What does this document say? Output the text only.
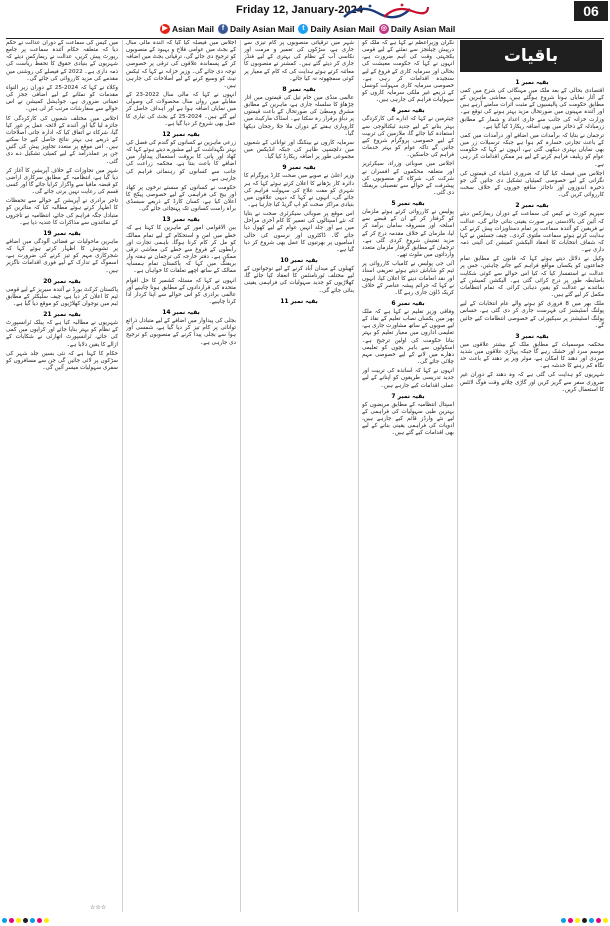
Friday 12, January-2024	06
▶ Asian Mail	f Daily Asian Mail	t Daily Asian Mail ◎ Daily Asian Mail

میں کیس کی سماعت کے دوران عدالت نے حکم دیا کہ متعلقہ حکام آئندہ سماعت پر جامع رپورٹ پیش کریں، عدالت نے ریمارکس دیئے کہ شہریوں کے بنیادی حقوق کا تحفظ ریاست کی ذمہ داری ہے۔ 2022 کے فیصلے کی روشنی میں مقدمے کی مزید کارروائی کی جائے گی۔

وکلاء نے کہا کہ 2024-25 کے دوران زیر التواء مقدمات کو نمٹانے کے لیے اضافی ججز کی تعیناتی ضروری ہے، جوڈیشل کمیشن نے اس حوالے سے سفارشات مرتب کر لی ہیں۔

اجلاس میں مختلف شعبوں کی کارکردگی کا جائزہ لیا گیا اور آئندہ کے لائحہ عمل پر غور کیا گیا، شرکاء نے اتفاق کیا کہ ادارہ جاتی اصلاحات کے ذریعے ہی بہتر نتائج حاصل کیے جا سکتے ہیں۔ اس موقع پر متعدد تجاویز پیش کی گئیں جن پر عملدرآمد کے لیے کمیٹی تشکیل دے دی گئی۔

شہر میں تجاوزات کے خلاف آپریشن کا آغاز کر دیا گیا ہے، انتظامیہ کے مطابق سرکاری اراضی کو قبضہ مافیا سے واگزار کرایا جائے گا اور کسی قسم کی رعایت نہیں برتی جائے گی۔

تاجر برادری نے آپریشن کے حوالے سے تحفظات کا اظہار کرتے ہوئے مطالبہ کیا کہ متاثرین کو متبادل جگہ فراہم کی جائے، انتظامیہ نے تاجروں کے نمائندوں سے مذاکرات کا عندیہ دیا ہے۔

بقیہ نمبر 19

ماہرین ماحولیات نے فضائی آلودگی میں اضافے پر تشویش کا اظہار کرتے ہوئے کہا کہ شجرکاری مہم کو تیز کرنے کی ضرورت ہے، اسموگ کے تدارک کے لیے فوری اقدامات ناگزیر ہیں۔

بقیہ نمبر 20

پاکستان کرکٹ بورڈ نے آئندہ سیریز کے لیے قومی ٹیم کا اعلان کر دیا ہے، چیف سلیکٹر کے مطابق ٹیم میں نوجوان کھلاڑیوں کو موقع دیا گیا ہے۔

بقیہ نمبر 21

شہریوں نے مطالبہ کیا ہے کہ پبلک ٹرانسپورٹ کے نظام کو بہتر بنایا جائے اور کرایوں میں کمی کی جائے، ٹرانسپورٹ اتھارٹی نے شکایات کے ازالے کا یقین دلایا ہے۔

حکام کا کہنا ہے کہ نئی بسیں جلد شہر کی سڑکوں پر لائی جائیں گی جن سے مسافروں کو سفری سہولیات میسر آئیں گی۔

اجلاس میں فیصلہ کیا گیا کہ آئندہ مالی سال کے بجٹ میں عوامی فلاح و بہبود کے منصوبوں کو ترجیح دی جائے گی، ترقیاتی بجٹ میں اضافہ کر کے پسماندہ علاقوں کی ترقی پر خصوصی توجہ دی جائے گی۔ وزیر خزانہ نے کہا کہ ٹیکس نیٹ کو وسیع کرنے کے لیے اصلاحات کی جارہی ہیں۔

انہوں نے کہا کہ مالی سال 2022-23 کے مقابلے میں رواں سال محصولات کی وصولی میں نمایاں اضافہ ہوا ہے اور اہداف حاصل کر لیے گئے ہیں۔ 2024-25 کے بجٹ کی تیاری کا عمل بھی شروع کر دیا گیا ہے۔

بقیہ نمبر 12

زرعی ماہرین نے کسانوں کو گندم کی فصل کی بہتر نگہداشت کے لیے مشورے دیتے ہوئے کہا کہ کھاد اور پانی کا بروقت استعمال پیداوار میں اضافے کا باعث بنتا ہے، محکمہ زراعت کی جانب سے کسانوں کو رہنمائی فراہم کی جارہی ہے۔

حکومت نے کسانوں کو سستے نرخوں پر کھاد اور بیج کی فراہمی کے لیے خصوصی پیکج کا اعلان کیا ہے، کسان کارڈ کے ذریعے سبسڈی براہ راست کسانوں تک پہنچائی جائے گی۔

بقیہ نمبر 13

بین الاقوامی امور کے ماہرین کا کہنا ہے کہ خطے میں امن و استحکام کے لیے تمام ممالک کو مل کر کام کرنا ہوگا، باہمی تجارت اور رابطوں کے فروغ سے خطے کی معاشی ترقی ممکن ہے۔ دفتر خارجہ کی ترجمان نے ہفتہ وار بریفنگ میں کہا کہ پاکستان تمام ہمسایہ ممالک کے ساتھ اچھے تعلقات کا خواہاں ہے۔

انہوں نے کہا کہ مسئلہ کشمیر کا حل اقوام متحدہ کی قراردادوں کے مطابق ہونا چاہیے اور عالمی برادری کو اس حوالے سے اپنا کردار ادا کرنا چاہیے۔

بقیہ نمبر 14

بجلی کی پیداوار میں اضافے کے لیے متبادل ذرائع توانائی پر کام تیز کر دیا گیا ہے، شمسی اور ہوا سے بجلی پیدا کرنے کے منصوبوں کو ترجیح دی جارہی ہے۔

شہر میں ترقیاتی منصوبوں پر کام تیزی سے جاری ہے، سڑکوں کی تعمیر و مرمت اور نکاسی آب کے نظام کی بہتری کے لیے فنڈز جاری کر دیئے گئے ہیں۔ کمشنر نے منصوبوں کا معائنہ کرتے ہوئے ہدایت کی کہ کام کے معیار پر کوئی سمجھوتہ نہ کیا جائے۔

بقیہ نمبر 8

عالمی منڈی میں خام تیل کی قیمتوں میں اتار چڑھاؤ کا سلسلہ جاری ہے، ماہرین کے مطابق مشرق وسطیٰ کی صورتحال کے باعث قیمتوں پر دباؤ برقرار رہ سکتا ہے۔ اسٹاک مارکیٹ میں کاروباری ہفتے کے دوران ملا جلا رجحان دیکھا گیا۔

سرمایہ کاروں نے بینکنگ اور توانائی کے شعبوں میں دلچسپی ظاہر کی جبکہ انڈیکس میں مجموعی طور پر اضافہ ریکارڈ کیا گیا۔

بقیہ نمبر 9

وزیر اعلیٰ نے صوبے میں صحت کارڈ پروگرام کا دائرہ کار بڑھانے کا اعلان کرتے ہوئے کہا کہ ہر شہری کو مفت علاج کی سہولت فراہم کی جائے گی، انہوں نے کہا کہ دیہی علاقوں میں بنیادی مراکز صحت کو اپ گریڈ کیا جارہا ہے۔

اس موقع پر صوبائی سیکرٹری صحت نے بتایا کہ نئے اسپتالوں کی تعمیر کا کام آخری مراحل میں ہے اور جلد انہیں عوام کے لیے کھول دیا جائے گا۔ ڈاکٹروں اور نرسوں کی خالی اسامیوں پر بھرتیوں کا عمل بھی شروع کر دیا گیا ہے۔

بقیہ نمبر 10

کھیلوں کے میدان آباد کرنے کے لیے نوجوانوں کے لیے مختلف ٹورنامنٹس کا انعقاد کیا جائے گا، کھلاڑیوں کو جدید سہولیات کی فراہمی یقینی بنائی جائے گی۔

بقیہ نمبر 11

نگران وزیراعظم نے کہا ہے کہ ملک کو درپیش چیلنجز سے نمٹنے کے لیے قومی یکجہتی وقت کی اہم ضرورت ہے، انہوں نے کہا کہ حکومت معیشت کی بحالی اور سرمایہ کاری کے فروغ کے لیے سنجیدہ اقدامات کر رہی ہے۔ خصوصی سرمایہ کاری سہولت کونسل کے ذریعے غیر ملکی سرمایہ کاروں کو سہولیات فراہم کی جارہی ہیں۔

بقیہ نمبر 4

چیئرمین نے کہا کہ ادارے کی کارکردگی بہتر بنانے کے لیے جدید ٹیکنالوجی سے استفادہ کیا جائے گا، ملازمین کی تربیت کے لیے خصوصی پروگرام شروع کیے جائیں گے تاکہ عوام کو بہتر خدمات فراہم کی جاسکیں۔

اجلاس میں صوبائی وزراء، سیکرٹریز اور متعلقہ محکموں کے افسران نے شرکت کی، شرکاء کو منصوبوں کی پیشرفت کے حوالے سے تفصیلی بریفنگ دی گئی۔

بقیہ نمبر 5

پولیس نے کارروائی کرتے ہوئے ملزمان کو گرفتار کر کے ان کے قبضے سے اسلحہ اور مسروقہ سامان برآمد کر لیا، ملزمان کے خلاف مقدمہ درج کر کے مزید تفتیش شروع کردی گئی ہے۔ ترجمان کے مطابق گرفتار ملزمان متعدد وارداتوں میں ملوث تھے۔

آئی جی پولیس نے کامیاب کارروائی پر ٹیم کو شاباش دیتے ہوئے تعریفی اسناد اور نقد انعامات دینے کا اعلان کیا، انہوں نے کہا کہ جرائم پیشہ عناصر کے خلاف کریک ڈاؤن جاری رہے گا۔

بقیہ نمبر 6

وفاقی وزیر تعلیم نے کہا ہے کہ ملک بھر میں یکساں نصاب تعلیم کے نفاذ کے لیے صوبوں کے ساتھ مشاورت جاری ہے، تعلیمی اداروں میں معیار تعلیم کو بہتر بنانا حکومت کی اولین ترجیح ہے۔ اسکولوں سے باہر بچوں کو تعلیمی دھارے میں لانے کے لیے خصوصی مہم چلائی جائے گی۔

انہوں نے کہا کہ اساتذہ کی تربیت اور جدید تدریسی طریقوں کو اپنانے کے لیے عملی اقدامات کیے جارہے ہیں۔

بقیہ نمبر 7

اسپتال انتظامیہ کے مطابق مریضوں کو بہترین طبی سہولیات کی فراہمی کے لیے نئے وارڈز قائم کیے جارہے ہیں، ادویات کی فراہمی یقینی بنانے کے لیے بھی اقدامات کیے گئے ہیں۔

باقیات
بقیہ نمبر 1

اقتصادی بحالی کے بعد ملک میں مہنگائی کی شرح میں کمی کے آثار نمایاں ہونا شروع ہوگئے ہیں، معاشی ماہرین کے مطابق حکومت کی پالیسیوں کے مثبت اثرات سامنے آرہے ہیں اور آئندہ مہینوں میں صورتحال مزید بہتر ہونے کی توقع ہے۔ وزارت خزانہ کی جانب سے جاری اعداد و شمار کے مطابق زرمبادلہ کے ذخائر میں بھی اضافہ ریکارڈ کیا گیا ہے۔

ترجمان نے بتایا کہ برآمدات میں اضافے اور درآمدات میں کمی کے باعث تجارتی خسارہ کم ہوا ہے جبکہ ترسیلات زر میں بھی نمایاں بہتری دیکھی گئی ہے، انہوں نے کہا کہ حکومت عوام کو ریلیف فراہم کرنے کے لیے ہر ممکن اقدامات کر رہی ہے۔

اجلاس میں فیصلہ کیا گیا کہ ضروری اشیاء کی قیمتوں کی نگرانی کے لیے خصوصی کمیٹیاں تشکیل دی جائیں گی جو ذخیرہ اندوزوں اور ناجائز منافع خوروں کے خلاف سخت کارروائی کریں گی۔

بقیہ نمبر 2

سپریم کورٹ نے کیس کی سماعت کے دوران ریمارکس دیئے کہ آئین کی بالادستی ہر صورت یقینی بنائی جائے گی، عدالت نے فریقین کو آئندہ سماعت پر تمام دستاویزات پیش کرنے کی ہدایت کرتے ہوئے سماعت ملتوی کردی۔ چیف جسٹس نے کہا کہ شفاف انتخابات کا انعقاد الیکشن کمیشن کی آئینی ذمہ داری ہے۔

وکیل نے دلائل دیتے ہوئے کہا کہ قانون کے مطابق تمام جماعتوں کو یکساں مواقع فراہم کیے جانے چاہئیں، جس پر عدالت نے استفسار کیا کہ کیا اس حوالے سے کوئی شکایت باضابطہ طور پر درج کرائی گئی ہے۔ الیکشن کمیشن کے نمائندے نے عدالت کو یقین دہانی کرائی کہ تمام انتظامات مکمل کر لیے گئے ہیں۔

ملک بھر میں 8 فروری کو ہونے والے عام انتخابات کے لیے پولنگ اسٹیشنز کی فہرست جاری کر دی گئی ہے، حساس پولنگ اسٹیشنز پر سیکیورٹی کے خصوصی انتظامات کیے جائیں گے۔

بقیہ نمبر 3

محکمہ موسمیات کے مطابق ملک کے بیشتر علاقوں میں موسم سرد اور خشک رہے گا جبکہ پہاڑی علاقوں میں شدید سردی اور دھند کا امکان ہے، موٹر ویز پر دھند کے باعث حد نگاہ کم رہنے کا خدشہ ہے۔

شہریوں کو ہدایت کی گئی ہے کہ وہ دھند کے دوران غیر ضروری سفر سے گریز کریں اور گاڑی چلاتے وقت فوگ لائٹس کا استعمال کریں۔

☆☆☆
